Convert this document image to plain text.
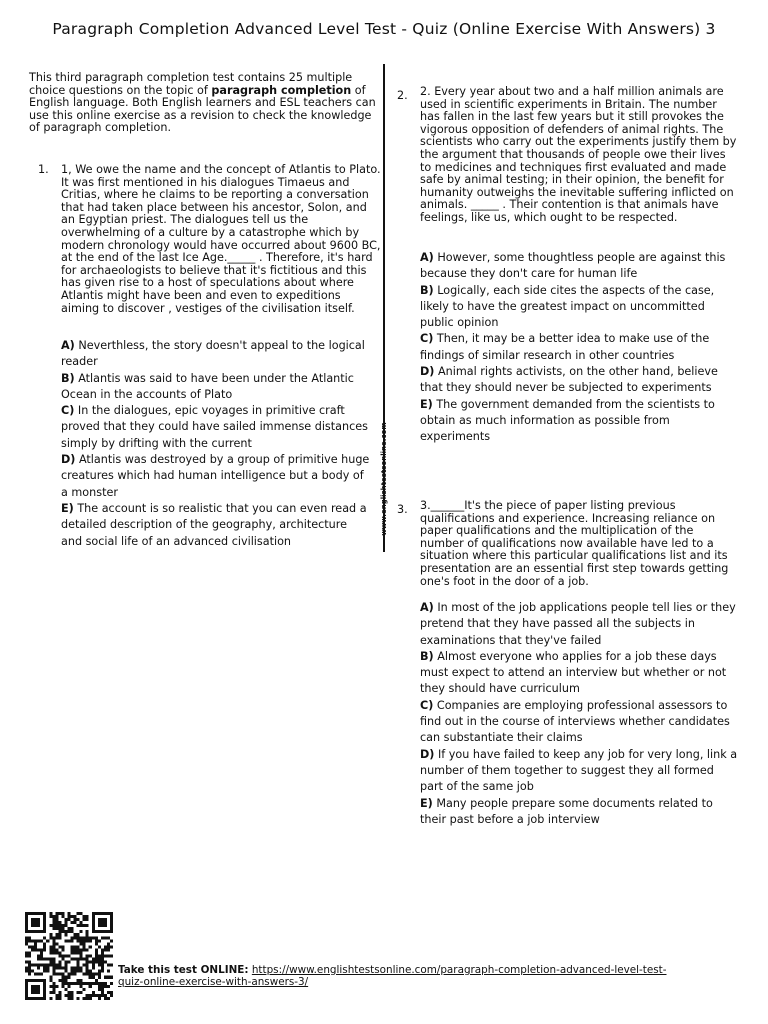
Paragraph Completion Advanced Level Test - Quiz (Online Exercise With Answers) 3
www.englishtestsonline.com
This third paragraph completion test contains 25 multiple choice questions on the topic of paragraph completion of English language. Both English learners and ESL teachers can use this online exercise as a revision to check the knowledge of paragraph completion.
1. 1, We owe the name and the concept of Atlantis to Plato. It was first mentioned in his dialogues Timaeus and Critias, where he claims to be reporting a conversation that had taken place between his ancestor, Solon, and an Egyptian priest. The dialogues tell us the overwhelming of a culture by a catastrophe which by modern chronology would have occurred about 9600 BC, at the end of the last Ice Age._____ . Therefore, it's hard for archaeologists to believe that it's fictitious and this has given rise to a host of speculations about where Atlantis might have been and even to expeditions aiming to discover , vestiges of the civilisation itself.
A) Neverthless, the story doesn't appeal to the logical reader
B) Atlantis was said to have been under the Atlantic Ocean in the accounts of Plato
C) In the dialogues, epic voyages in primitive craft proved that they could have sailed immense distances simply by drifting with the current
D) Atlantis was destroyed by a group of primitive huge creatures which had human intelligence but a body of a monster
E) The account is so realistic that you can even read a detailed description of the geography, architecture and social life of an advanced civilisation
2. 2. Every year about two and a half million animals are used in scientific experiments in Britain. The number has fallen in the last few years but it still provokes the vigorous opposition of defenders of animal rights. The scientists who carry out the experiments justify them by the argument that thousands of people owe their lives to medicines and techniques first evaluated and made safe by animal testing; in their opinion, the benefit for humanity outweighs the inevitable suffering inflicted on animals. _____ . Their contention is that animals have feelings, like us, which ought to be respected.
A) However, some thoughtless people are against this because they don't care for human life
B) Logically, each side cites the aspects of the case, likely to have the greatest impact on uncommitted public opinion
C) Then, it may be a better idea to make use of the findings of similar research in other countries
D) Animal rights activists, on the other hand, believe that they should never be subjected to experiments
E) The government demanded from the scientists to obtain as much information as possible from experiments
3. 3.______It's the piece of paper listing previous qualifications and experience. Increasing reliance on paper qualifications and the multiplication of the number of qualifications now available have led to a situation where this particular qualifications list and its presentation are an essential first step towards getting one's foot in the door of a job.
A) In most of the job applications people tell lies or they pretend that they have passed all the subjects in examinations that they've failed
B) Almost everyone who applies for a job these days must expect to attend an interview but whether or not they should have curriculum
C) Companies are employing professional assessors to find out in the course of interviews whether candidates can substantiate their claims
D) If you have failed to keep any job for very long, link a number of them together to suggest they all formed part of the same job
E) Many people prepare some documents related to their past before a job interview
Take this test ONLINE: https://www.englishtestsonline.com/paragraph-completion-advanced-level-test-quiz-online-exercise-with-answers-3/
